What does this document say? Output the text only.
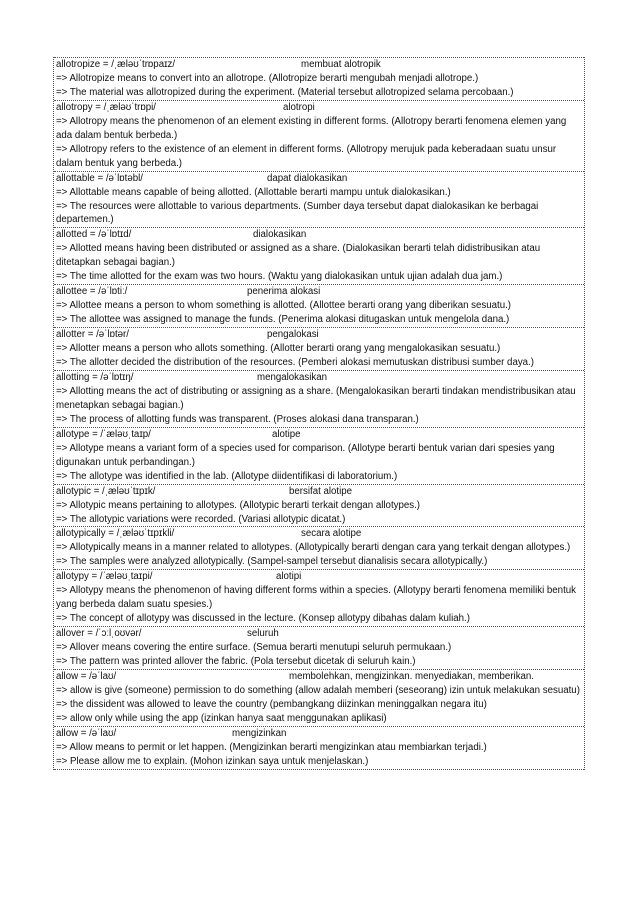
allotropize = /ˌæləʊˈtrɒpaɪz/	membuat alotropik
=> Allotropize means to convert into an allotrope. (Allotropize berarti mengubah menjadi allotrope.)
=> The material was allotropized during the experiment. (Material tersebut allotropized selama percobaan.)
allotropy = /ˌæləʊˈtrɒpi/	alotropi
=> Allotropy means the phenomenon of an element existing in different forms. (Allotropy berarti fenomena elemen yang ada dalam bentuk berbeda.)
=> Allotropy refers to the existence of an element in different forms. (Allotropy merujuk pada keberadaan suatu unsur dalam bentuk yang berbeda.)
allottable = /əˈlɒtəbl/	dapat dialokasikan
=> Allottable means capable of being allotted. (Allottable berarti mampu untuk dialokasikan.)
=> The resources were allottable to various departments. (Sumber daya tersebut dapat dialokasikan ke berbagai departemen.)
allotted = /əˈlɒtɪd/	dialokasikan
=> Allotted means having been distributed or assigned as a share. (Dialokasikan berarti telah didistribusikan atau ditetapkan sebagai bagian.)
=> The time allotted for the exam was two hours. (Waktu yang dialokasikan untuk ujian adalah dua jam.)
allottee = /əˈlɒtiː/	penerima alokasi
=> Allottee means a person to whom something is allotted. (Allottee berarti orang yang diberikan sesuatu.)
=> The allottee was assigned to manage the funds. (Penerima alokasi ditugaskan untuk mengelola dana.)
allotter = /əˈlɒtər/	pengalokasi
=> Allotter means a person who allots something. (Allotter berarti orang yang mengalokasikan sesuatu.)
=> The allotter decided the distribution of the resources. (Pemberi alokasi memutuskan distribusi sumber daya.)
allotting = /əˈlɒtɪŋ/	mengalokasikan
=> Allotting means the act of distributing or assigning as a share. (Mengalokasikan berarti tindakan mendistribusikan atau menetapkan sebagai bagian.)
=> The process of allotting funds was transparent. (Proses alokasi dana transparan.)
allotype = /ˈæləʊˌtaɪp/	alotipe
=> Allotype means a variant form of a species used for comparison. (Allotype berarti bentuk varian dari spesies yang digunakan untuk perbandingan.)
=> The allotype was identified in the lab. (Allotype diidentifikasi di laboratorium.)
allotypic = /ˌæləʊˈtɪpɪk/	bersifat alotipe
=> Allotypic means pertaining to allotypes. (Allotypic berarti terkait dengan allotypes.)
=> The allotypic variations were recorded. (Variasi allotypic dicatat.)
allotypically = /ˌæləʊˈtɪpɪkli/	secara alotipe
=> Allotypically means in a manner related to allotypes. (Allotypically berarti dengan cara yang terkait dengan allotypes.)
=> The samples were analyzed allotypically. (Sampel-sampel tersebut dianalisis secara allotypically.)
allotypy = /ˈæləʊˌtaɪpi/	alotipi
=> Allotypy means the phenomenon of having different forms within a species. (Allotypy berarti fenomena memiliki bentuk yang berbeda dalam suatu spesies.)
=> The concept of allotypy was discussed in the lecture. (Konsep allotypy dibahas dalam kuliah.)
allover = /ˈɔːlˌoʊvər/	seluruh
=> Allover means covering the entire surface. (Semua berarti menutupi seluruh permukaan.)
=> The pattern was printed allover the fabric. (Pola tersebut dicetak di seluruh kain.)
allow = /əˈlaʊ/	membolehkan, mengizinkan. menyediakan, memberikan.
=> allow is give (someone) permission to do something (allow adalah memberi (seseorang) izin untuk melakukan sesuatu)
=> the dissident was allowed to leave the country (pembangkang diizinkan meninggalkan negara itu)
=> allow only while using the app (izinkan hanya saat menggunakan aplikasi)
allow = /əˈlaʊ/	mengizinkan
=> Allow means to permit or let happen. (Mengizinkan berarti mengizinkan atau membiarkan terjadi.)
=> Please allow me to explain. (Mohon izinkan saya untuk menjelaskan.)
